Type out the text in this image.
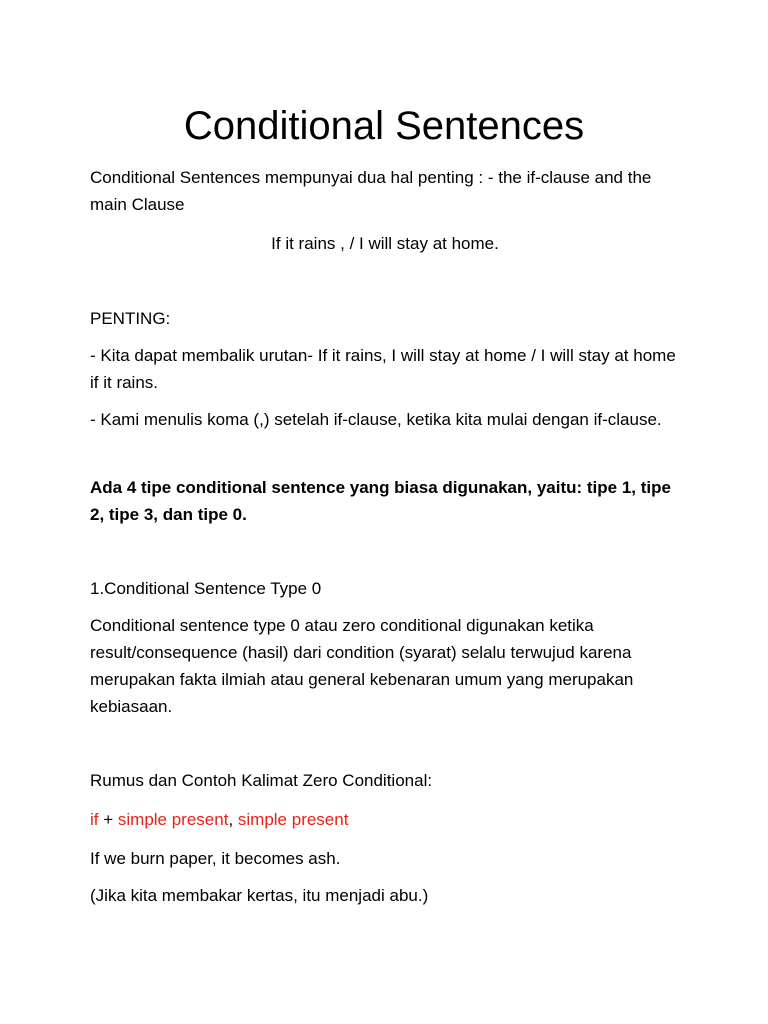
Conditional Sentences

Conditional Sentences mempunyai dua hal penting : - the if-clause and the main Clause

If it rains , / I will stay at home.

PENTING:

- Kita dapat membalik urutan- If it rains, I will stay at home / I will stay at home if it rains.

- Kami menulis koma (,) setelah if-clause, ketika kita mulai dengan if-clause.

Ada 4 tipe conditional sentence yang biasa digunakan, yaitu: tipe 1, tipe 2, tipe 3, dan tipe 0.

1.Conditional Sentence Type 0

Conditional sentence type 0 atau zero conditional digunakan ketika result/consequence (hasil) dari condition (syarat) selalu terwujud karena merupakan fakta ilmiah atau general kebenaran umum yang merupakan kebiasaan.

Rumus dan Contoh Kalimat Zero Conditional:

if + simple present, simple present

If we burn paper, it becomes ash.

(Jika kita membakar kertas, itu menjadi abu.)
